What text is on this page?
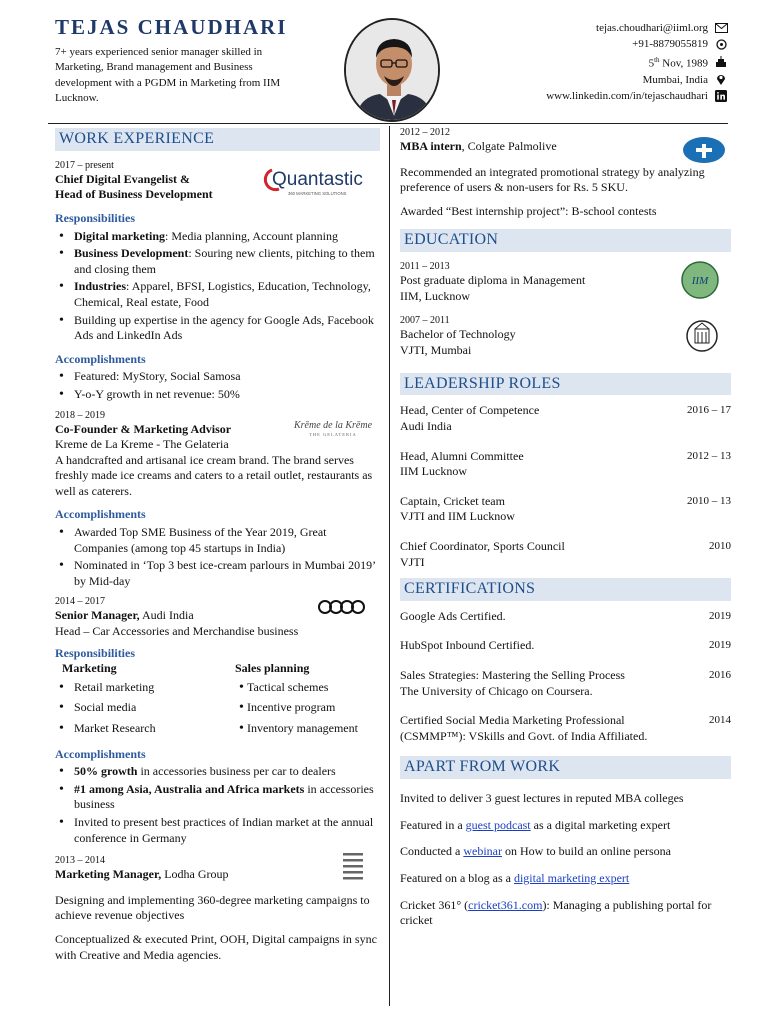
TEJAS CHAUDHARI
7+ years experienced senior manager skilled in Marketing, Brand management and Business development with a PGDM in Marketing from IIM Lucknow.
tejas.choudhari@iiml.org
+91-8879055819
5th Nov, 1989
Mumbai, India
www.linkedin.com/in/tejaschaudhari
WORK EXPERIENCE
2017 – present
Chief Digital Evangelist &
Head of Business Development
Quantastic
360 MARKETING SOLUTIONS
Responsibilities
• Digital marketing: Media planning, Account planning
• Business Development: Souring new clients, pitching to them and closing them
• Industries: Apparel, BFSI, Logistics, Education, Technology, Chemical, Real estate, Food
• Building up expertise in the agency for Google Ads, Facebook Ads and LinkedIn Ads
Accomplishments
• Featured: MyStory, Social Samosa
• Y-o-Y growth in net revenue: 50%
2018 – 2019
Co-Founder & Marketing Advisor
Kreme de La Kreme - The Gelateria
Krēme de la Krēme
THE GELATERIA
A handcrafted and artisanal ice cream brand. The brand serves freshly made ice creams and caters to a retail outlet, restaurants as well as caterers.
Accomplishments
• Awarded Top SME Business of the Year 2019, Great Companies (among top 45 startups in India)
• Nominated in ‘Top 3 best ice-cream parlours in Mumbai 2019’ by Mid-day
2014 – 2017
Senior Manager, Audi India
Head – Car Accessories and Merchandise business
Responsibilities
Marketing
• Retail marketing
• Social media
• Market Research
Sales planning
• Tactical schemes
• Incentive program
• Inventory management
Accomplishments
• 50% growth in accessories business per car to dealers
• #1 among Asia, Australia and Africa markets in accessories business
• Invited to present best practices of Indian market at the annual conference in Germany
2013 – 2014
Marketing Manager, Lodha Group
Designing and implementing 360-degree marketing campaigns to achieve revenue objectives
Conceptualized & executed Print, OOH, Digital campaigns in sync with Creative and Media agencies.
2012 – 2012
MBA intern, Colgate Palmolive
Recommended an integrated promotional strategy by analyzing preference of users & non-users for Rs. 5 SKU.
Awarded “Best internship project”: B-school contests
EDUCATION
2011 – 2013
Post graduate diploma in Management
IIM, Lucknow
IIM
2007 – 2011
Bachelor of Technology
VJTI, Mumbai
LEADERSHIP ROLES
Head, Center of Competence	2016 – 17
Audi India
Head, Alumni Committee	2012 – 13
IIM Lucknow
Captain, Cricket team	2010 – 13
VJTI and IIM Lucknow
Chief Coordinator, Sports Council	2010
VJTI
CERTIFICATIONS
Google Ads Certified.	2019
HubSpot Inbound Certified.	2019
Sales Strategies: Mastering the Selling Process	2016
The University of Chicago on Coursera.
Certified Social Media Marketing Professional	2014
(CSMMP™): VSkills and Govt. of India Affiliated.
APART FROM WORK

Invited to deliver 3 guest lectures in reputed MBA colleges

Featured in a guest podcast as a digital marketing expert

Conducted a webinar on How to build an online persona

Featured on a blog as a digital marketing expert

Cricket 361° (cricket361.com): Managing a publishing portal for cricket
